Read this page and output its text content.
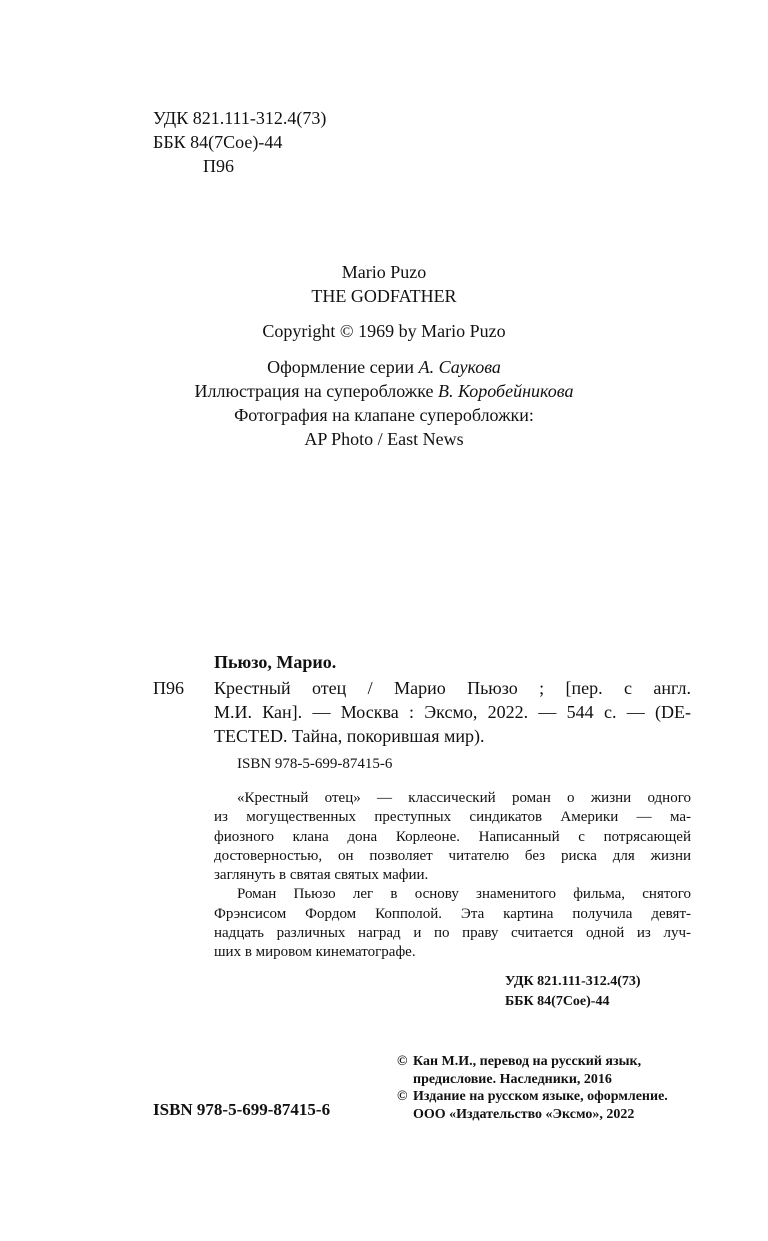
УДК 821.111-312.4(73)
ББК 84(7Сое)-44
П96
Mario Puzo
THE GODFATHER
Copyright © 1969 by Mario Puzo
Оформление серии А. Саукова
Иллюстрация на суперобложке В. Коробейникова
Фотография на клапане суперобложки:
AP Photo / East News
Пьюзо, Марио.
П96 Крестный отец / Марио Пьюзо ; [пер. с англ.
М.И. Кан]. — Москва : Эксмо, 2022. — 544 с. — (DE-
TECTED. Тайна, покорившая мир).
ISBN 978-5-699-87415-6
«Крестный отец» — классический роман о жизни одного
из могущественных преступных синдикатов Америки — ма-
фиозного клана дона Корлеоне. Написанный с потрясающей
достоверностью, он позволяет читателю без риска для жизни
заглянуть в святая святых мафии.
Роман Пьюзо лег в основу знаменитого фильма, снятого
Фрэнсисом Фордом Копполой. Эта картина получила девят-
надцать различных наград и по праву считается одной из луч-
ших в мировом кинематографе.
УДК 821.111-312.4(73)
ББК 84(7Сое)-44
© Кан М.И., перевод на русский язык,
предисловие. Наследники, 2016
© Издание на русском языке, оформление.
ООО «Издательство «Эксмо», 2022
ISBN 978-5-699-87415-6
